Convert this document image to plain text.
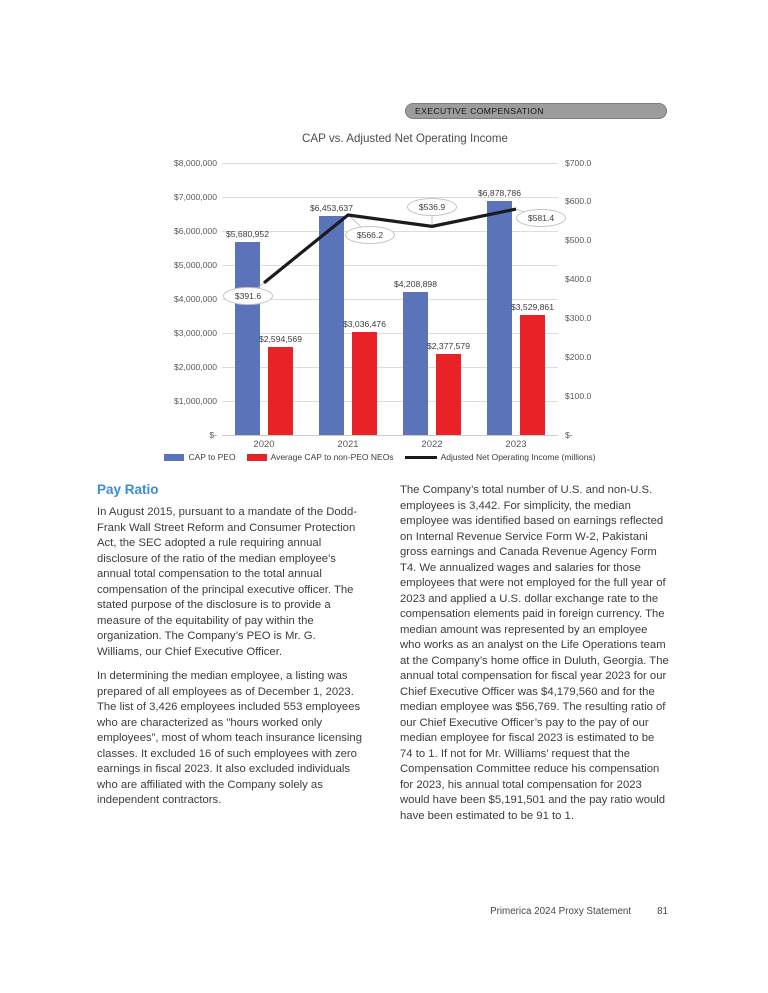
EXECUTIVE COMPENSATION
CAP vs. Adjusted Net Operating Income
$8,000,000
$7,000,000
$6,000,000
$5,000,000
$4,000,000
$3,000,000
$2,000,000
$1,000,000
$-
$700.0
$600.0
$500.0
$400.0
$300.0
$200.0
$100.0
$-
$5,680,952
$6,453,637
$4,208,898
$6,878,786
$2,594,569
$3,036,476
$2,377,579
$3,529,861
$391.6
$566.2
$536.9
$581.4
2020	2021	2022	2023
CAP to PEO	Average CAP to non-PEO NEOs	Adjusted Net Operating Income (millions)
Pay Ratio

In August 2015, pursuant to a mandate of the Dodd-Frank Wall Street Reform and Consumer Protection Act, the SEC adopted a rule requiring annual disclosure of the ratio of the median employee's annual total compensation to the total annual compensation of the principal executive officer. The stated purpose of the disclosure is to provide a measure of the equitability of pay within the organization. The Company’s PEO is Mr. G. Williams, our Chief Executive Officer.

In determining the median employee, a listing was prepared of all employees as of December 1, 2023. The list of 3,426 employees included 553 employees who are characterized as "hours worked only employees”, most of whom teach insurance licensing classes. It excluded 16 of such employees with zero earnings in fiscal 2023. It also excluded individuals who are affiliated with the Company solely as independent contractors.

The Company’s total number of U.S. and non-U.S. employees is 3,442. For simplicity, the median employee was identified based on earnings reflected on Internal Revenue Service Form W-2, Pakistani gross earnings and Canada Revenue Agency Form T4. We annualized wages and salaries for those employees that were not employed for the full year of 2023 and applied a U.S. dollar exchange rate to the compensation elements paid in foreign currency. The median amount was represented by an employee who works as an analyst on the Life Operations team at the Company’s home office in Duluth, Georgia. The annual total compensation for fiscal year 2023 for our Chief Executive Officer was $4,179,560 and for the median employee was $56,769. The resulting ratio of our Chief Executive Officer’s pay to the pay of our median employee for fiscal 2023 is estimated to be 74 to 1. If not for Mr. Williams’ request that the Compensation Committee reduce his compensation for 2023, his annual total compensation for 2023 would have been $5,191,501 and the pay ratio would have been estimated to be 91 to 1.

Primerica 2024 Proxy Statement	81
